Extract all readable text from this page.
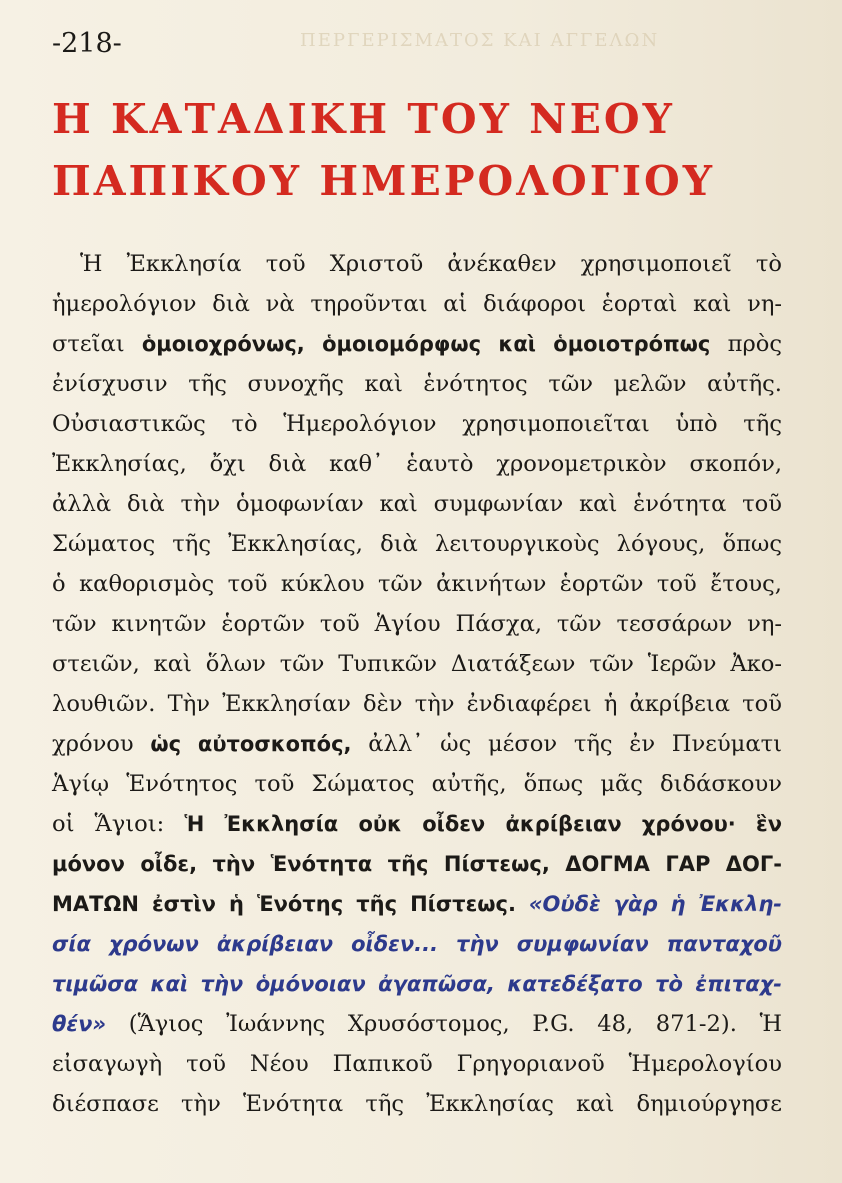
ΠΕΡΓΕΡΙΣΜΑΤΟΣ ΚΑΙ ΑΓΓΕΛΩΝ
-218-
Η ΚΑΤΑΔΙΚΗ ΤΟΥ ΝΕΟΥ
ΠΑΠΙΚΟΥ ΗΜΕΡΟΛΟΓΙΟΥ
Ἡ Ἐκκλησία τοῦ Χριστοῦ ἀνέκαθεν χρησιμοποιεῖ τὸ
ἡμερολόγιον διὰ νὰ τηροῦνται αἱ διάφοροι ἑορταὶ καὶ νη-
στεῖαι ὁμοιοχρόνως, ὁμοιομόρφως καὶ ὁμοιοτρόπως πρὸς
ἐνίσχυσιν τῆς συνοχῆς καὶ ἑνότητος τῶν μελῶν αὐτῆς.
Οὐσιαστικῶς τὸ Ἡμερολόγιον χρησιμοποιεῖται ὑπὸ τῆς
Ἐκκλησίας, ὄχι διὰ καθ᾽ ἑαυτὸ χρονομετρικὸν σκοπόν,
ἀλλὰ διὰ τὴν ὁμοφωνίαν καὶ συμφωνίαν καὶ ἑνότητα τοῦ
Σώματος τῆς Ἐκκλησίας, διὰ λειτουργικοὺς λόγους, ὅπως
ὁ καθορισμὸς τοῦ κύκλου τῶν ἀκινήτων ἑορτῶν τοῦ ἔτους,
τῶν κινητῶν ἑορτῶν τοῦ Ἁγίου Πάσχα, τῶν τεσσάρων νη-
στειῶν, καὶ ὅλων τῶν Τυπικῶν Διατάξεων τῶν Ἱερῶν Ἀκο-
λουθιῶν. Τὴν Ἐκκλησίαν δὲν τὴν ἐνδιαφέρει ἡ ἀκρίβεια τοῦ
χρόνου ὡς αὐτοσκοπός, ἀλλ᾽ ὡς μέσον τῆς ἐν Πνεύματι
Ἁγίῳ Ἑνότητος τοῦ Σώματος αὐτῆς, ὅπως μᾶς διδάσκουν
οἱ Ἅγιοι: Ἡ Ἐκκλησία οὐκ οἶδεν ἀκρίβειαν χρόνου· ἓν
μόνον οἶδε, τὴν Ἑνότητα τῆς Πίστεως, ΔΟΓΜΑ ΓΑΡ ΔΟΓ-
ΜΑΤΩΝ ἐστὶν ἡ Ἑνότης τῆς Πίστεως. «Οὐδὲ γὰρ ἡ Ἐκκλη-
σία χρόνων ἀκρίβειαν οἶδεν... τὴν συμφωνίαν πανταχοῦ
τιμῶσα καὶ τὴν ὁμόνοιαν ἀγαπῶσα, κατεδέξατο τὸ ἐπιταχ-
θέν» (Ἅγιος Ἰωάννης Χρυσόστομος, P.G. 48, 871-2). Ἡ
εἰσαγωγὴ τοῦ Νέου Παπικοῦ Γρηγοριανοῦ Ἡμερολογίου
διέσπασε τὴν Ἑνότητα τῆς Ἐκκλησίας καὶ δημιούργησε
